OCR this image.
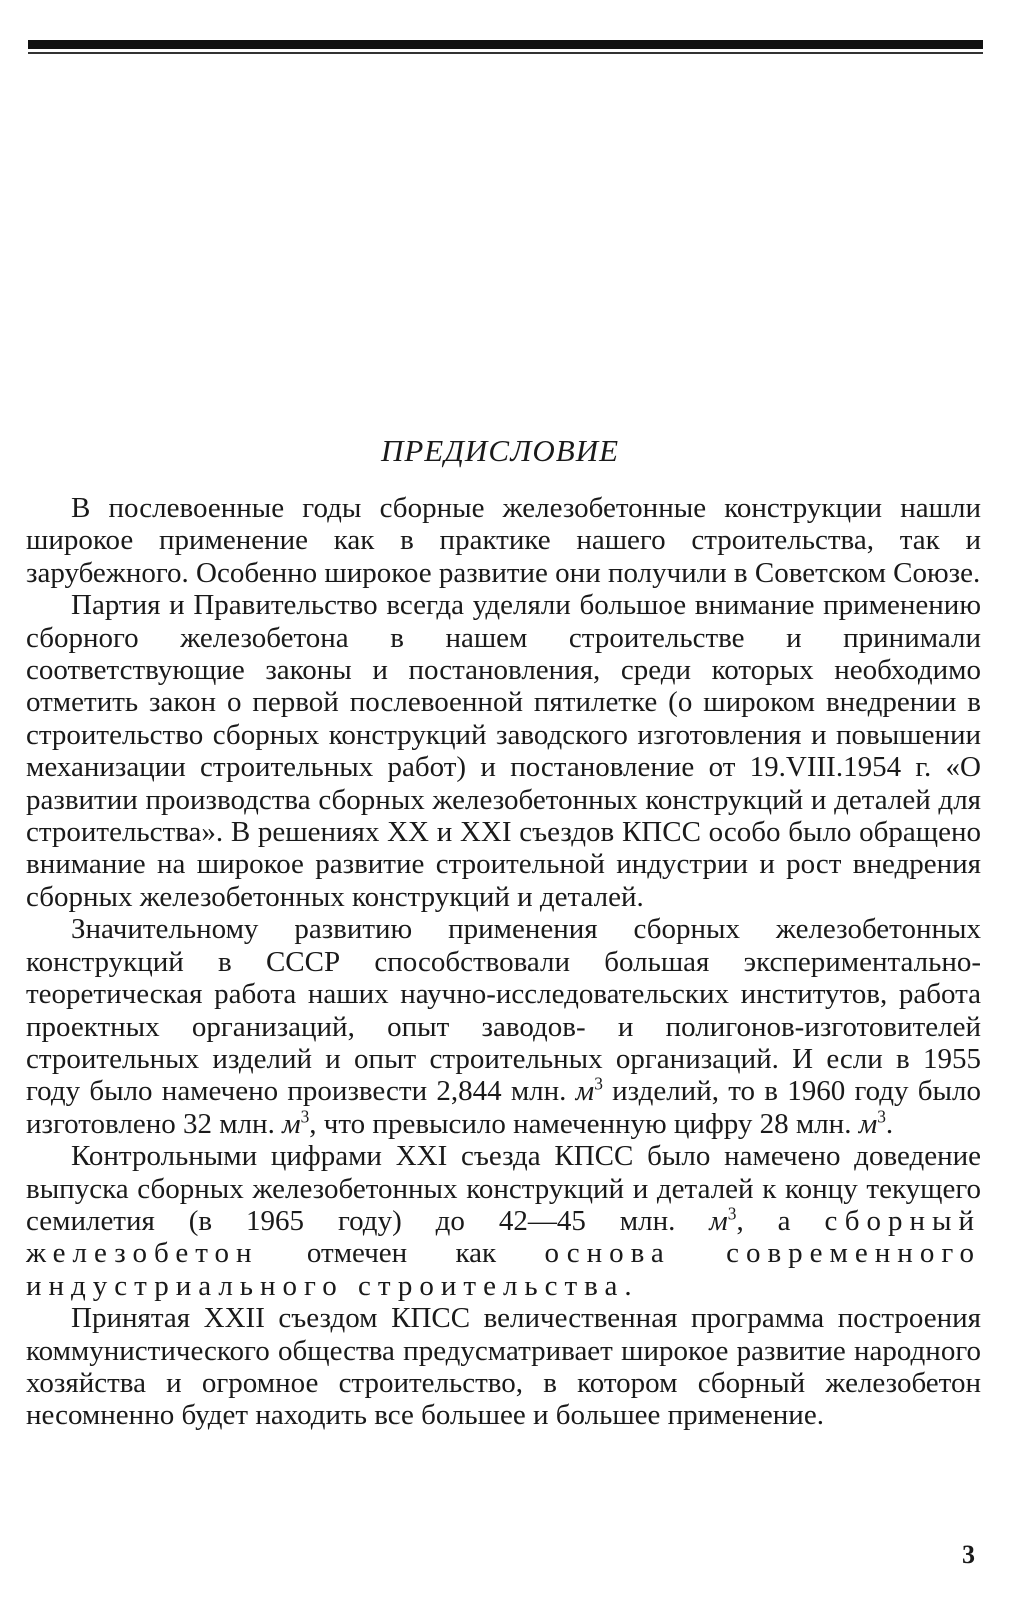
ПРЕДИСЛОВИЕ

В послевоенные годы сборные железобетонные конструкции нашли широкое применение как в практике нашего строительства, так и зарубежного. Особенно широкое развитие они получили в Советском Союзе.

Партия и Правительство всегда уделяли большое внимание применению сборного железобетона в нашем строительстве и принимали соответствующие законы и постановления, среди которых необходимо отметить закон о первой послевоенной пятилетке (о широком внедрении в строительство сборных конструкций заводского изготовления и повышении механизации строительных работ) и постановление от 19.VIII.1954 г. «О развитии производства сборных железобетонных конструкций и деталей для строительства». В решениях XX и XXI съездов КПСС особо было обращено внимание на широкое развитие строительной индустрии и рост внедрения сборных железобетонных конструкций и деталей.

Значительному развитию применения сборных железобетонных конструкций в СССР способствовали большая экспериментально-теоретическая работа наших научно-исследовательских институтов, работа проектных организаций, опыт заводов- и полигонов-изготовителей строительных изделий и опыт строительных организаций. И если в 1955 году было намечено произвести 2,844 млн. $м^3$ изделий, то в 1960 году было изготовлено 32 млн. $м^3$, что превысило намеченную цифру 28 млн. $м^3$.

Контрольными цифрами XXI съезда КПСС было намечено доведение выпуска сборных железобетонных конструкций и деталей к концу текущего семилетия (в 1965 году) до 42—45 млн. $м^3$, а сборный железобетон отмечен как основа современного индустриального строительства.

Принятая XXII съездом КПСС величественная программа построения коммунистического общества предусматривает широкое развитие народного хозяйства и огромное строительство, в котором сборный железобетон несомненно будет находить все большее и большее применение.

3
